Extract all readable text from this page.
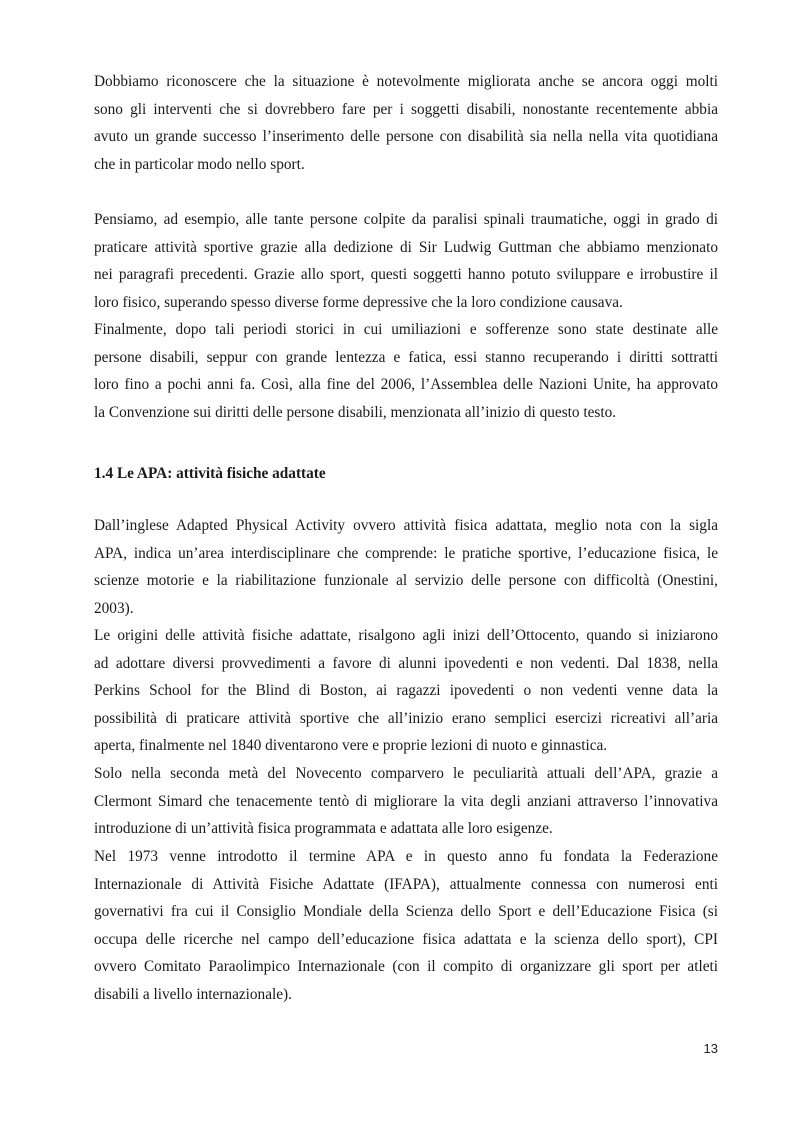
Dobbiamo riconoscere che la situazione è notevolmente migliorata anche se ancora oggi molti
sono gli interventi che si dovrebbero fare per i soggetti disabili, nonostante recentemente abbia
avuto un grande successo l’inserimento delle persone con disabilità sia nella nella vita quotidiana
che in particolar modo nello sport.

Pensiamo, ad esempio, alle tante persone colpite da paralisi spinali traumatiche, oggi in grado di
praticare attività sportive grazie alla dedizione di Sir Ludwig Guttman che abbiamo menzionato
nei paragrafi precedenti. Grazie allo sport, questi soggetti hanno potuto sviluppare e irrobustire il
loro fisico, superando spesso diverse forme depressive che la loro condizione causava.

Finalmente, dopo tali periodi storici in cui umiliazioni e sofferenze sono state destinate alle
persone disabili, seppur con grande lentezza e fatica, essi stanno recuperando i diritti sottratti
loro fino a pochi anni fa. Così, alla fine del 2006, l’Assemblea delle Nazioni Unite, ha approvato
la Convenzione sui diritti delle persone disabili, menzionata all’inizio di questo testo.

1.4 Le APA: attività fisiche adattate

Dall’inglese Adapted Physical Activity ovvero attività fisica adattata, meglio nota con la sigla
APA, indica un’area interdisciplinare che comprende: le pratiche sportive, l’educazione fisica, le
scienze motorie e la riabilitazione funzionale al servizio delle persone con difficoltà (Onestini,
2003).

Le origini delle attività fisiche adattate, risalgono agli inizi dell’Ottocento, quando si iniziarono
ad adottare diversi provvedimenti a favore di alunni ipovedenti e non vedenti. Dal 1838, nella
Perkins School for the Blind di Boston, ai ragazzi ipovedenti o non vedenti venne data la
possibilità di praticare attività sportive che all’inizio erano semplici esercizi ricreativi all’aria
aperta, finalmente nel 1840 diventarono vere e proprie lezioni di nuoto e ginnastica.

Solo nella seconda metà del Novecento comparvero le peculiarità attuali dell’APA, grazie a
Clermont Simard che tenacemente tentò di migliorare la vita degli anziani attraverso l’innovativa
introduzione di un’attività fisica programmata e adattata alle loro esigenze.

Nel 1973 venne introdotto il termine APA e in questo anno fu fondata la Federazione
Internazionale di Attività Fisiche Adattate (IFAPA), attualmente connessa con numerosi enti
governativi fra cui il Consiglio Mondiale della Scienza dello Sport e dell’Educazione Fisica (si
occupa delle ricerche nel campo dell’educazione fisica adattata e la scienza dello sport), CPI
ovvero Comitato Paraolimpico Internazionale (con il compito di organizzare gli sport per atleti
disabili a livello internazionale).

13
